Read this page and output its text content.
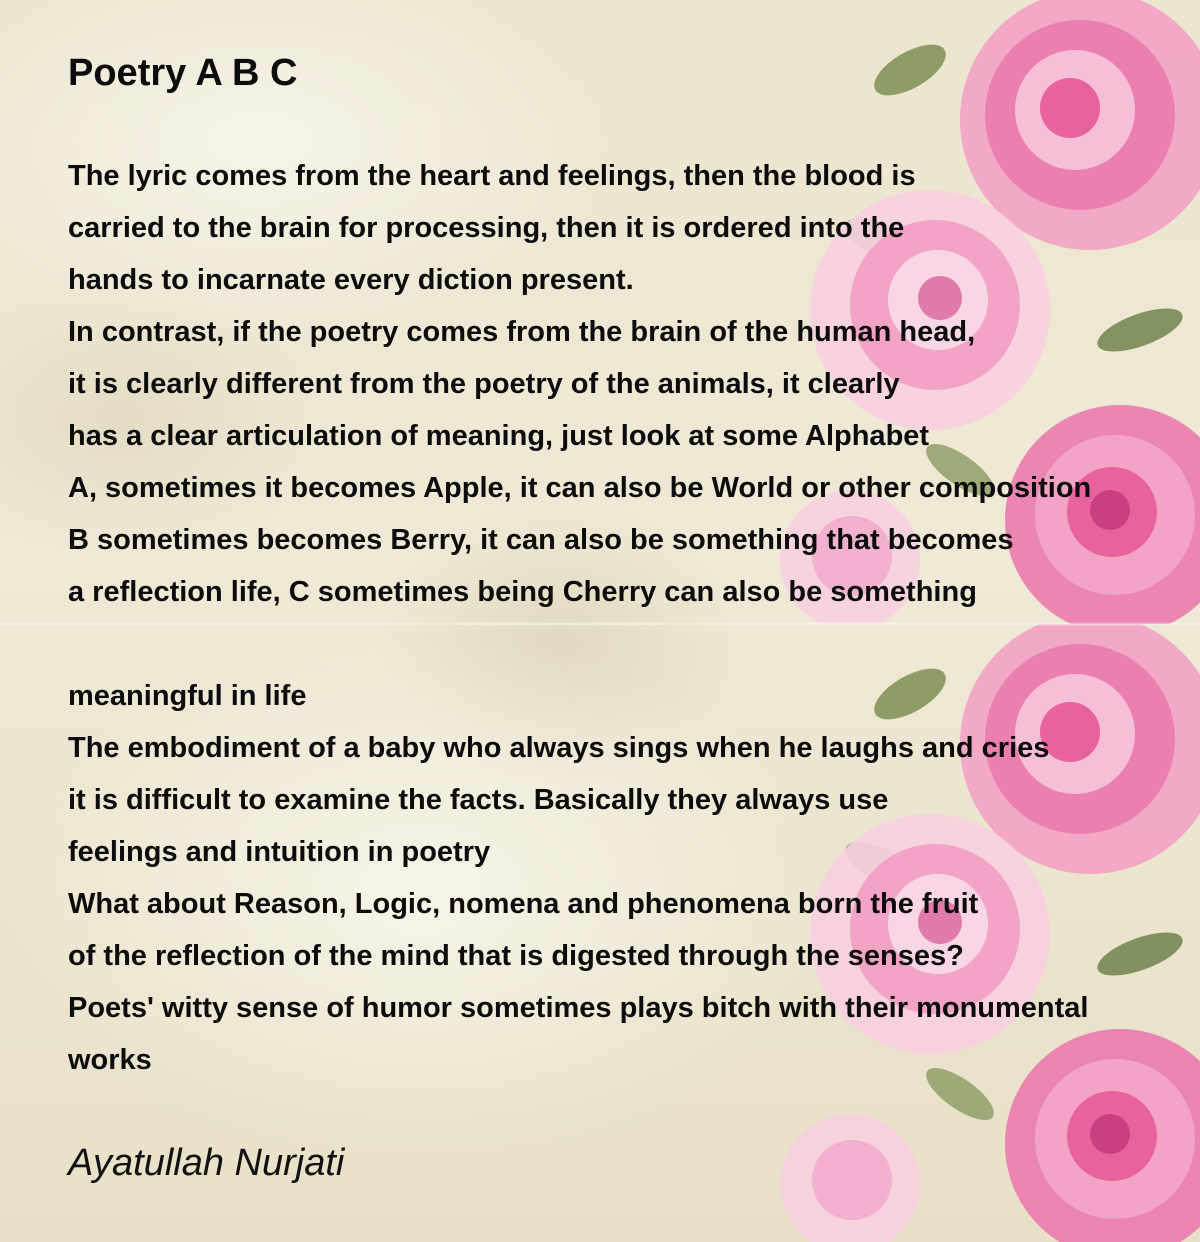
Poetry A B C
The lyric comes from the heart and feelings, then the blood is
carried to the brain for processing, then it is ordered into the
hands to incarnate every diction present.
In contrast, if the poetry comes from the brain of the human head,
it is clearly different from the poetry of the animals, it clearly
has a clear articulation of meaning, just look at some Alphabet
A, sometimes it becomes Apple, it can also be World or other composition
B sometimes becomes Berry, it can also be something that becomes
a reflection life, C sometimes being Cherry can also be something
meaningful in life
The embodiment of a baby who always sings when he laughs and cries
it is difficult to examine the facts. Basically they always use
feelings and intuition in poetry
What about Reason, Logic, nomena and phenomena born the fruit
of the reflection of the mind that is digested through the senses?
Poets' witty sense of humor sometimes plays bitch with their monumental
works

Ayatullah Nurjati
